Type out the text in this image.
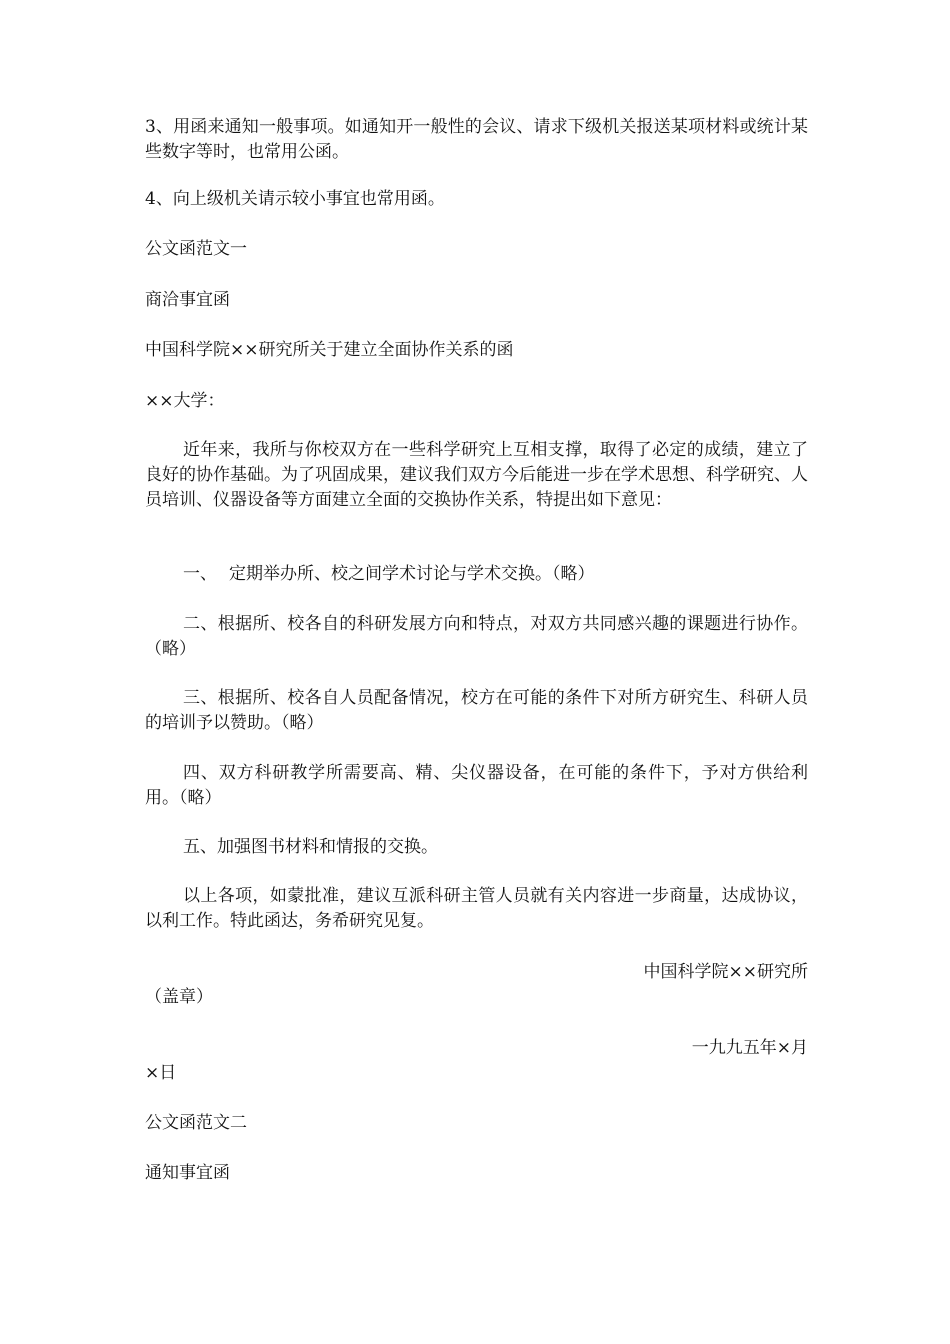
3、用函来通知一般事项。如通知开一般性的会议、请求下级机关报送某项材料或统计某些数字等时，也常用公函。

4、向上级机关请示较小事宜也常用函。

公文函范文一

商洽事宜函

中国科学院××研究所关于建立全面协作关系的函

××大学：

近年来，我所与你校双方在一些科学研究上互相支撑，取得了必定的成绩，建立了良好的协作基础。为了巩固成果，建议我们双方今后能进一步在学术思想、科学研究、人员培训、仪器设备等方面建立全面的交换协作关系，特提出如下意见：

一、 定期举办所、校之间学术讨论与学术交换。（略）

二、根据所、校各自的科研发展方向和特点，对双方共同感兴趣的课题进行协作。（略）

三、根据所、校各自人员配备情况，校方在可能的条件下对所方研究生、科研人员的培训予以赞助。（略）

四、双方科研教学所需要高、精、尖仪器设备，在可能的条件下，予对方供给利用。（略）

五、加强图书材料和情报的交换。

以上各项，如蒙批准，建议互派科研主管人员就有关内容进一步商量，达成协议，以利工作。特此函达，务希研究见复。

中国科学院××研究所

（盖章）

一九九五年×月

×日

公文函范文二

通知事宜函
